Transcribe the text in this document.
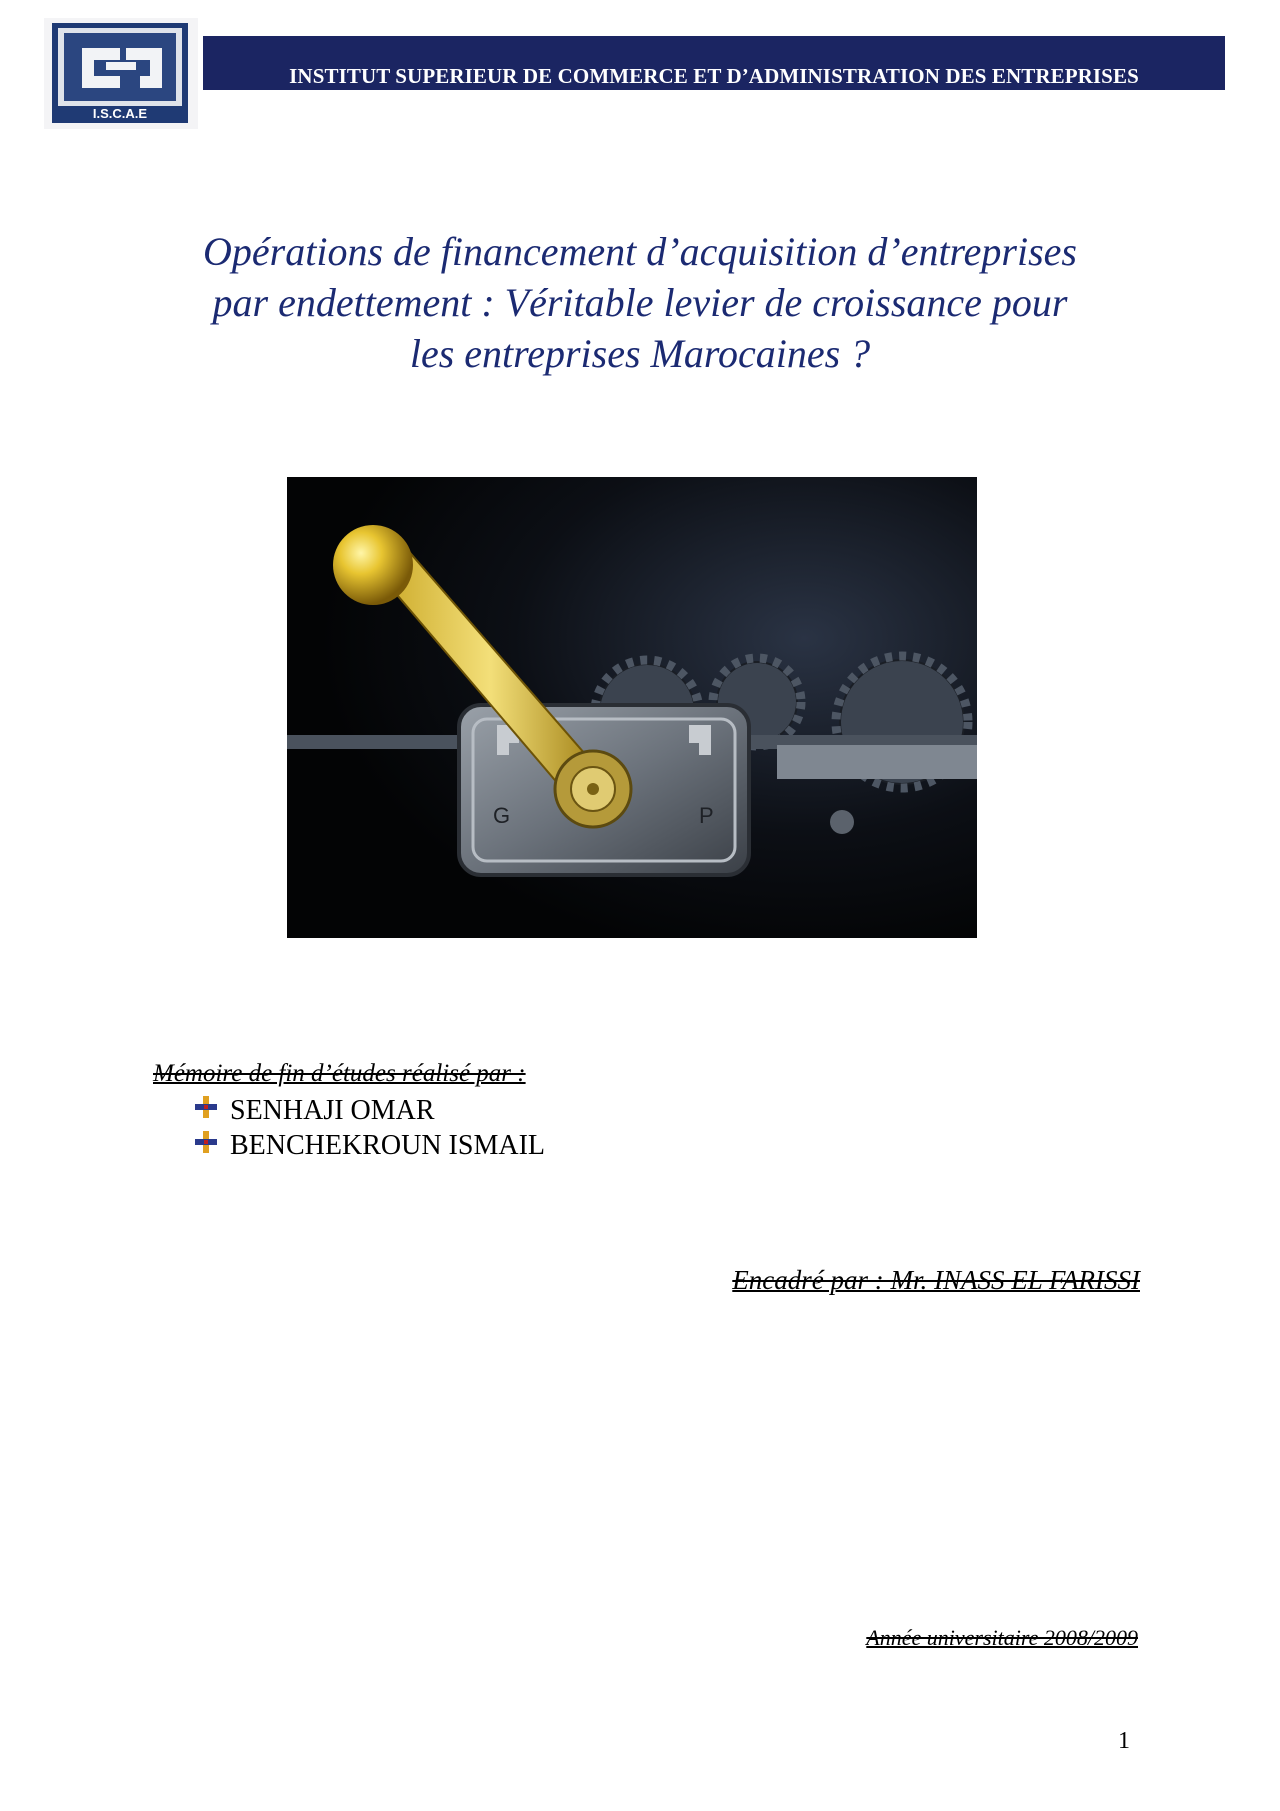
I.S.C.A.E
INSTITUT SUPERIEUR DE COMMERCE ET D’ADMINISTRATION DES ENTREPRISES
Opérations de financement d’acquisition d’entreprises
par endettement : Véritable levier de croissance pour
les entreprises Marocaines ?
G	P
Mémoire de fin d’études réalisé par :
SENHAJI OMAR
BENCHEKROUN ISMAIL
Encadré par : Mr. INASS EL FARISSI
Année universitaire 2008/2009
1
